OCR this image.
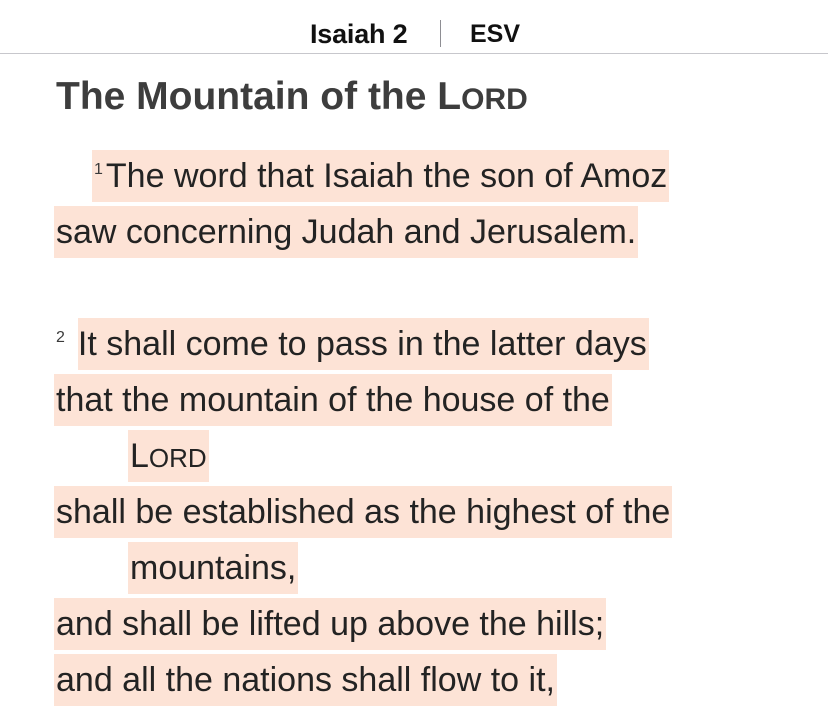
Isaiah 2	ESV
The Mountain of the LORD
$^1$The word that Isaiah the son of Amoz
saw concerning Judah and Jerusalem.
$^2$ It shall come to pass in the latter days
that the mountain of the house of the
LORD
shall be established as the highest of the
mountains,
and shall be lifted up above the hills;
and all the nations shall flow to it,
